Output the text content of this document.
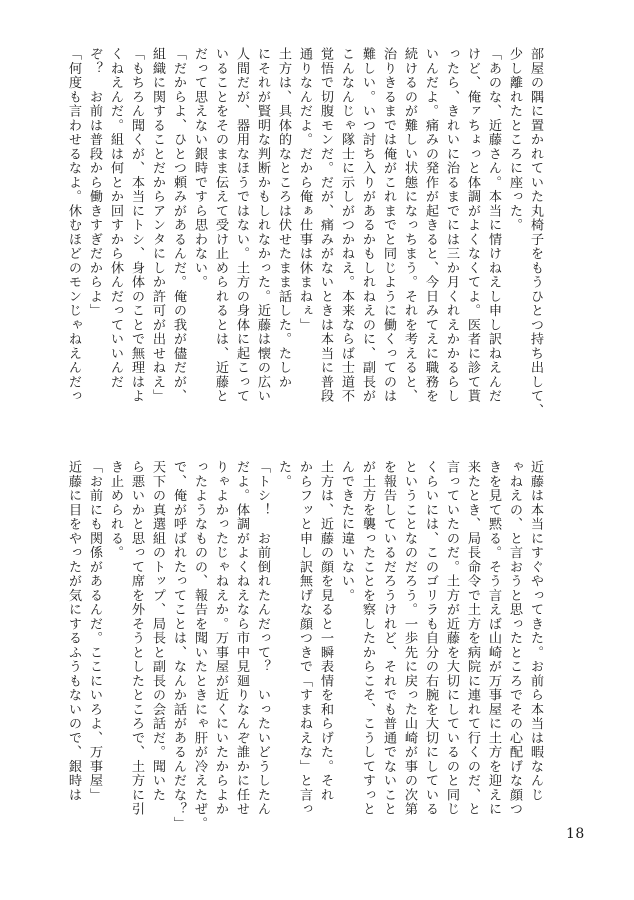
部屋の隅に置かれていた丸椅子をもうひとつ持ち出して、
少し離れたところに座った。
「あのな、近藤さん。本当に情けねえし申し訳ねえんだ
けど、俺ァちょっと体調がよくなくてよ。医者に診て貰
ったら、きれいに治るまでには三か月くれえかかるらし
いんだよ。痛みの発作が起きると、今日みてえに職務を
続けるのが難しい状態になっちまう。それを考えると、
治りきるまでは俺がこれまでと同じように働くってのは
難しい。いつ討ち入りがあるかもしれねえのに、副長が
こんなんじゃ隊士に示しがつかねえ。本来ならば士道不
覚悟で切腹モンだ。だが、痛みがないときは本当に普段
通りなんだよ。だから俺ぁ仕事は休まねぇ」
土方は、具体的なところは伏せたまま話した。たしか
にそれが賢明な判断かもしれなかった。近藤は懐の広い
人間だが、器用なほうではない。土方の身体に起こって
いることをそのまま伝えて受け止められるとは、近藤と
だって思えない銀時ですら思わない。
「だからよ、ひとつ頼みがあるんだ。俺の我が儘だが、
組織に関することだからアンタにしか許可が出せねえ」
「もちろん聞くが、本当にトシ、身体のことで無理はよ
くねえんだ。組は何とか回すから休んだっていいんだ
ぞ？　お前は普段から働きすぎだからよ」
「何度も言わせるなよ。休むほどのモンじゃねえんだっ
近藤は本当にすぐやってきた。お前ら本当は暇なんじ
ゃねえの、と言おうと思ったところでその心配げな顔つ
きを見て黙る。そう言えば山崎が万事屋に土方を迎えに
来たとき、局長命令で土方を病院に連れて行くのだ、と
言っていたのだ。土方が近藤を大切にしているのと同じ
くらいには、このゴリラも自分の右腕を大切にしている
ということなのだろう。一歩先に戻った山崎が事の次第
を報告しているだろうけれど、それでも普通でないこと
が土方を襲ったことを察したからこそ、こうしてすっと
んできたに違いない。
土方は、近藤の顔を見ると一瞬表情を和らげた。それ
からフッと申し訳無げな顔つきで「すまねえな」と言っ
た。
「トシ！　お前倒れたんだって？　いったいどうしたん
だよ。体調がよくねえなら市中見廻りなんぞ誰かに任せ
りゃよかったじゃねえか。万事屋が近くにいたからよか
ったようなものの、報告を聞いたときにゃ肝が冷えたぜ。
で、俺が呼ばれたってことは、なんか話があるんだな？」
天下の真選組のトップ、局長と副長の会話だ。聞いた
ら悪いかと思って席を外そうとしたところで、土方に引
き止められる。
「お前にも関係があるんだ。ここにいろよ、万事屋」
近藤に目をやったが気にするふうもないので、銀時は
18
